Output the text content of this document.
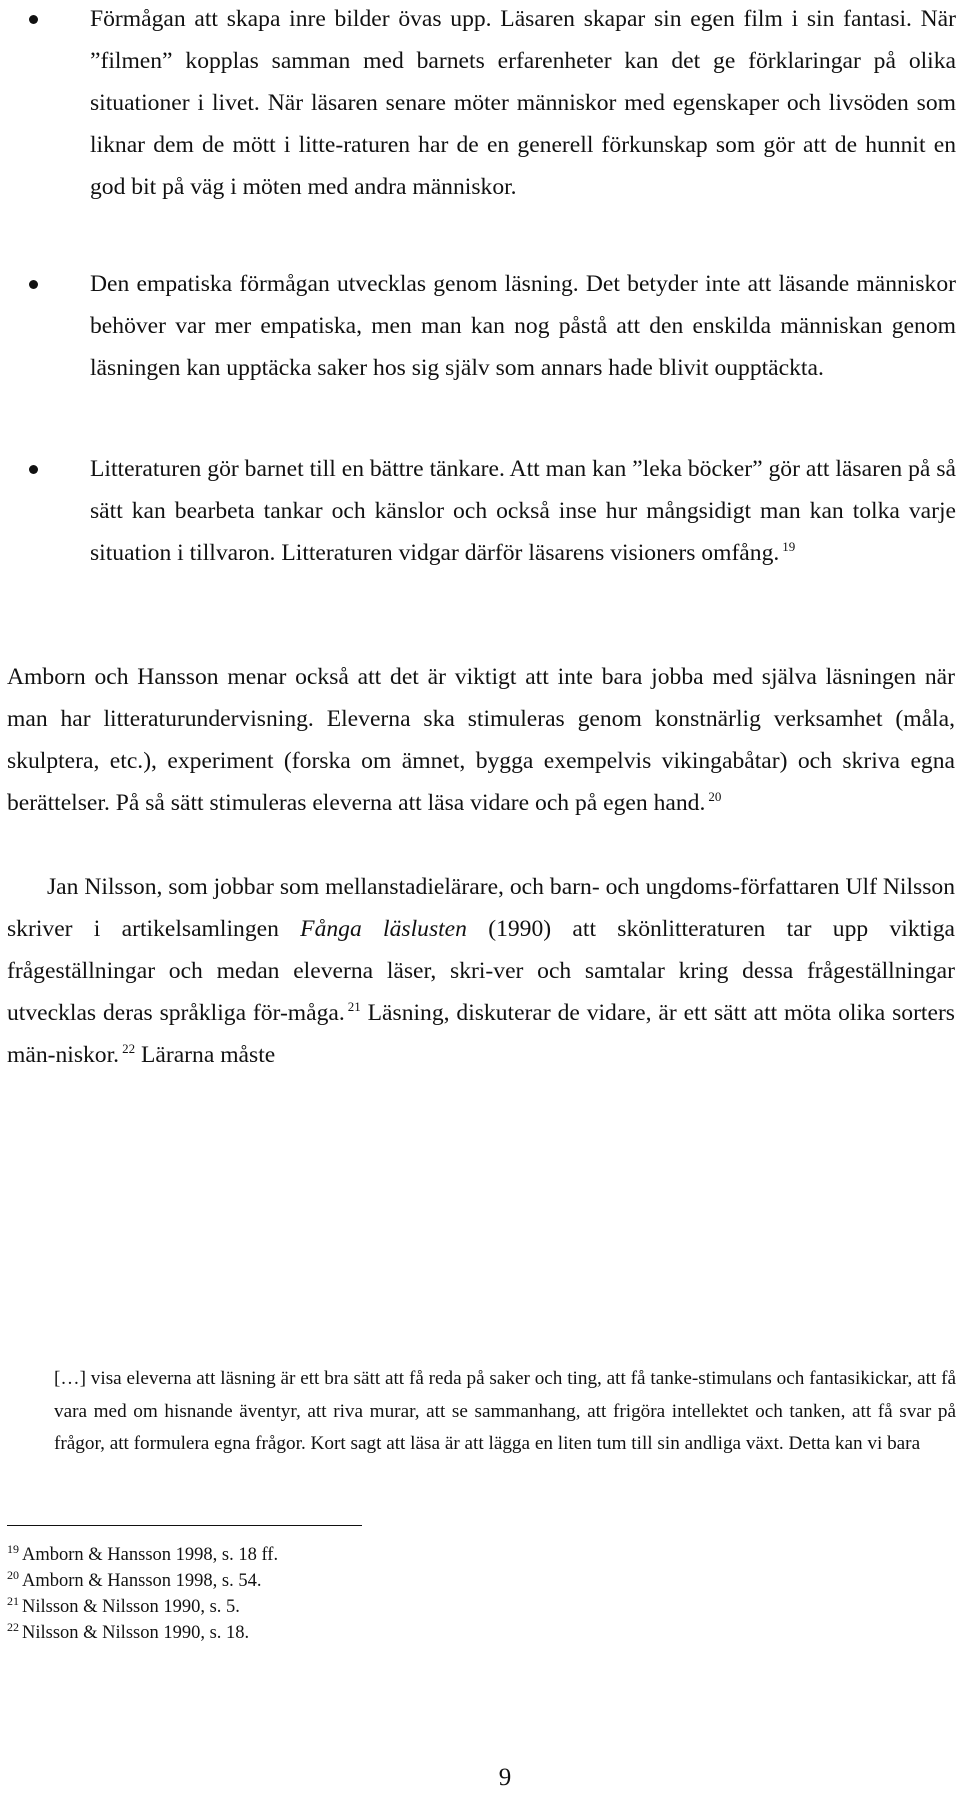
Förmågan att skapa inre bilder övas upp. Läsaren skapar sin egen film i sin fantasi. När ”filmen” kopplas samman med barnets erfarenheter kan det ge förklaringar på olika situationer i livet. När läsaren senare möter människor med egenskaper och livsöden som liknar dem de mött i litte-raturen har de en generell förkunskap som gör att de hunnit en god bit på väg i möten med andra människor.
Den empatiska förmågan utvecklas genom läsning. Det betyder inte att läsande människor behöver var mer empatiska, men man kan nog påstå att den enskilda människan genom läsningen kan upptäcka saker hos sig själv som annars hade blivit oupptäckta.
Litteraturen gör barnet till en bättre tänkare. Att man kan ”leka böcker” gör att läsaren på så sätt kan bearbeta tankar och känslor och också inse hur mångsidigt man kan tolka varje situation i tillvaron. Litteraturen vidgar därför läsarens visioners omfång. $^{19}$

Amborn och Hansson menar också att det är viktigt att inte bara jobba med själva läsningen när man har litteraturundervisning. Eleverna ska stimuleras genom konstnärlig verksamhet (måla, skulptera, etc.), experiment (forska om ämnet, bygga exempelvis vikingabåtar) och skriva egna berättelser. På så sätt stimuleras eleverna att läsa vidare och på egen hand. $^{20}$

Jan Nilsson, som jobbar som mellanstadielärare, och barn- och ungdoms-författaren Ulf Nilsson skriver i artikelsamlingen Fånga läslusten (1990) att skönlitteraturen tar upp viktiga frågeställningar och medan eleverna läser, skri-ver och samtalar kring dessa frågeställningar utvecklas deras språkliga för-måga. $^{21}$ Läsning, diskuterar de vidare, är ett sätt att möta olika sorters män-niskor. $^{22}$ Lärarna måste

[…] visa eleverna att läsning är ett bra sätt att få reda på saker och ting, att få tanke-stimulans och fantasikickar, att få vara med om hisnande äventyr, att riva murar, att se sammanhang, att frigöra intellektet och tanken, att få svar på frågor, att formulera egna frågor. Kort sagt att läsa är att lägga en liten tum till sin andliga växt. Detta kan vi bara
$^{19}$ Amborn & Hansson 1998, s. 18 ff.
$^{20}$ Amborn & Hansson 1998, s. 54.
$^{21}$ Nilsson & Nilsson 1990, s. 5.
$^{22}$ Nilsson & Nilsson 1990, s. 18.
9
